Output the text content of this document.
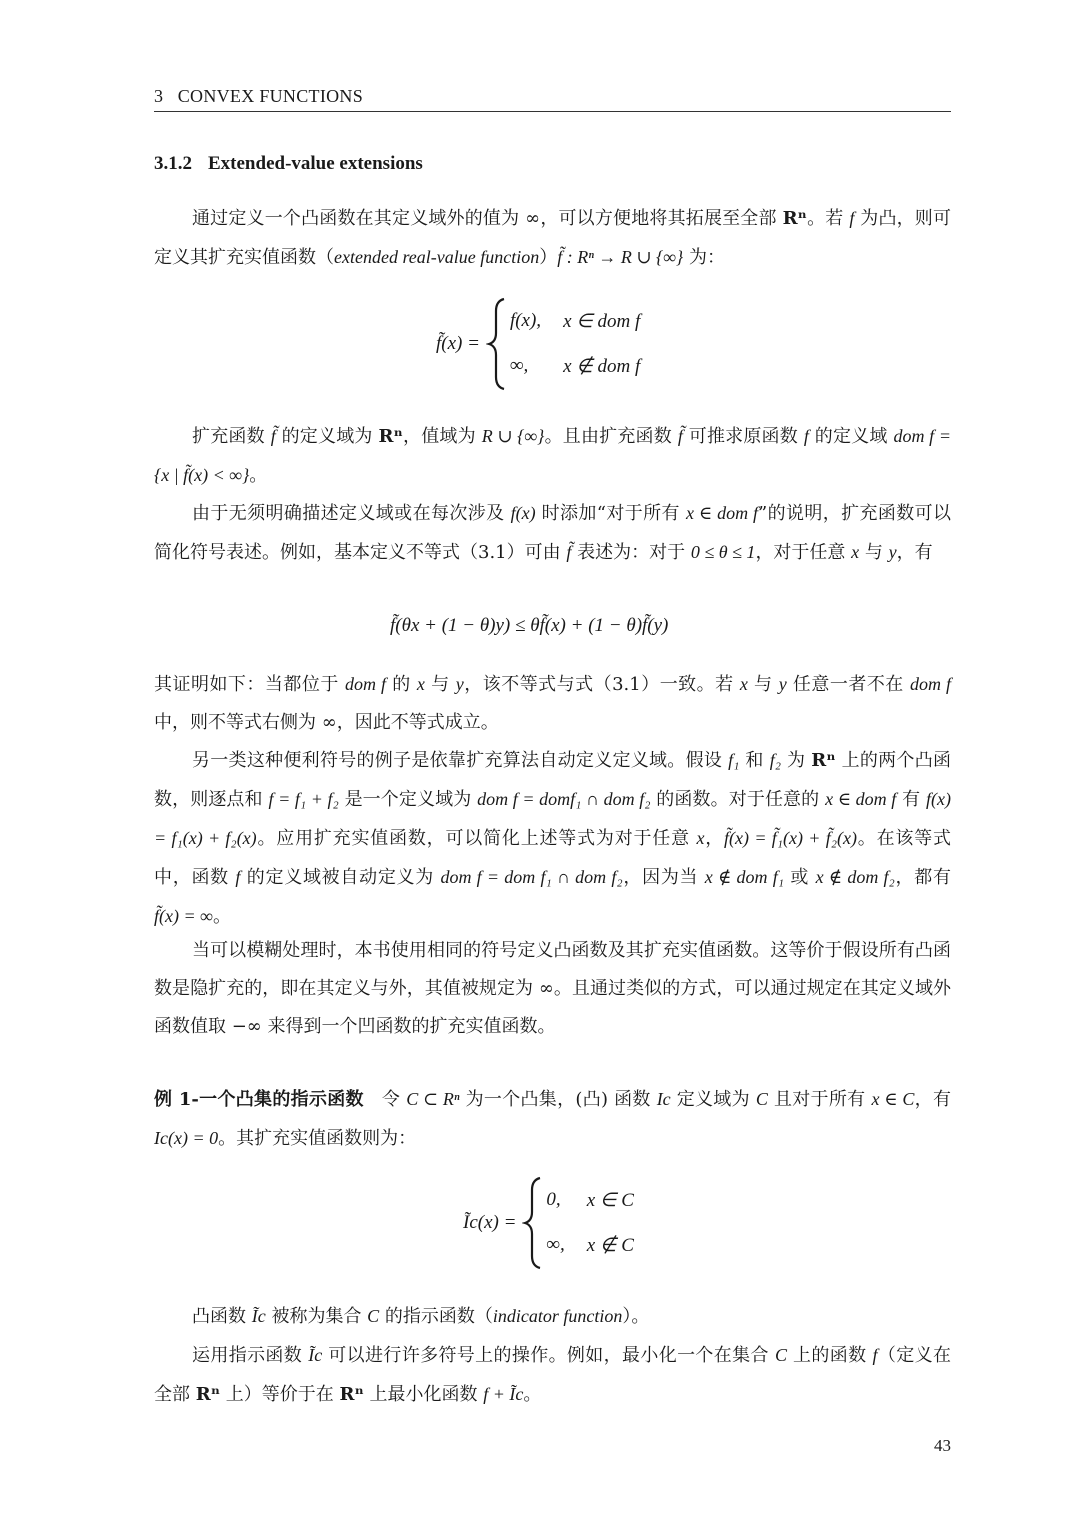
3 CONVEX FUNCTIONS
3.1.2 Extended-value extensions
通过定义一个凸函数在其定义域外的值为 ∞，可以方便地将其拓展至全部 Rⁿ。若 f 为凸，则可定义其扩充实值函数（extended real-value function）f̃ : Rⁿ → R ∪ {∞} 为：
f̃(x) =
f(x), x ∈ dom f
∞,	x ∉ dom f
扩充函数 f̃ 的定义域为 Rⁿ，值域为 R ∪ {∞}。且由扩充函数 f̃ 可推求原函数 f 的定义域 dom f = {x | f̃(x) < ∞}。
由于无须明确描述定义域或在每次涉及 f(x) 时添加“对于所有 x ∈ dom f”的说明，扩充函数可以简化符号表述。例如，基本定义不等式（3.1）可由 f̃ 表述为：对于 0 ≤ θ ≤ 1，对于任意 x 与 y，有
f̃(θx + (1 − θ)y) ≤ θf̃(x) + (1 − θ)f̃(y)
其证明如下：当都位于 dom f 的 x 与 y，该不等式与式（3.1）一致。若 x 与 y 任意一者不在 dom f 中，则不等式右侧为 ∞，因此不等式成立。
另一类这种便利符号的例子是依靠扩充算法自动定义定义域。假设 f₁ 和 f₂ 为 Rⁿ 上的两个凸函数，则逐点和 f = f₁ + f₂ 是一个定义域为 dom f = domf₁ ∩ dom f₂ 的函数。对于任意的 x ∈ dom f 有 f(x) = f₁(x) + f₂(x)。应用扩充实值函数，可以简化上述等式为对于任意 x，f̃(x) = f̃₁(x) + f̃₂(x)。在该等式中，函数 f 的定义域被自动定义为 dom f = dom f₁ ∩ dom f₂，因为当 x ∉ dom f₁ 或 x ∉ dom f₂，都有 f̃(x) = ∞。
当可以模糊处理时，本书使用相同的符号定义凸函数及其扩充实值函数。这等价于假设所有凸函数是隐扩充的，即在其定义与外，其值被规定为 ∞。且通过类似的方式，可以通过规定在其定义域外函数值取 −∞ 来得到一个凹函数的扩充实值函数。
例 1-一个凸集的指示函数 令 C ⊂ Rⁿ 为一个凸集，(凸) 函数 Ic 定义域为 C 且对于所有 x ∈ C，有 Ic(x) = 0。其扩充实值函数则为：
Ĩc(x) =
0, x ∈ C
∞, x ∉ C
凸函数 Ĩc 被称为集合 C 的指示函数（indicator function）。
运用指示函数 Ĩc 可以进行许多符号上的操作。例如，最小化一个在集合 C 上的函数 f（定义在全部 Rⁿ 上）等价于在 Rⁿ 上最小化函数 f + Ĩc。
43
